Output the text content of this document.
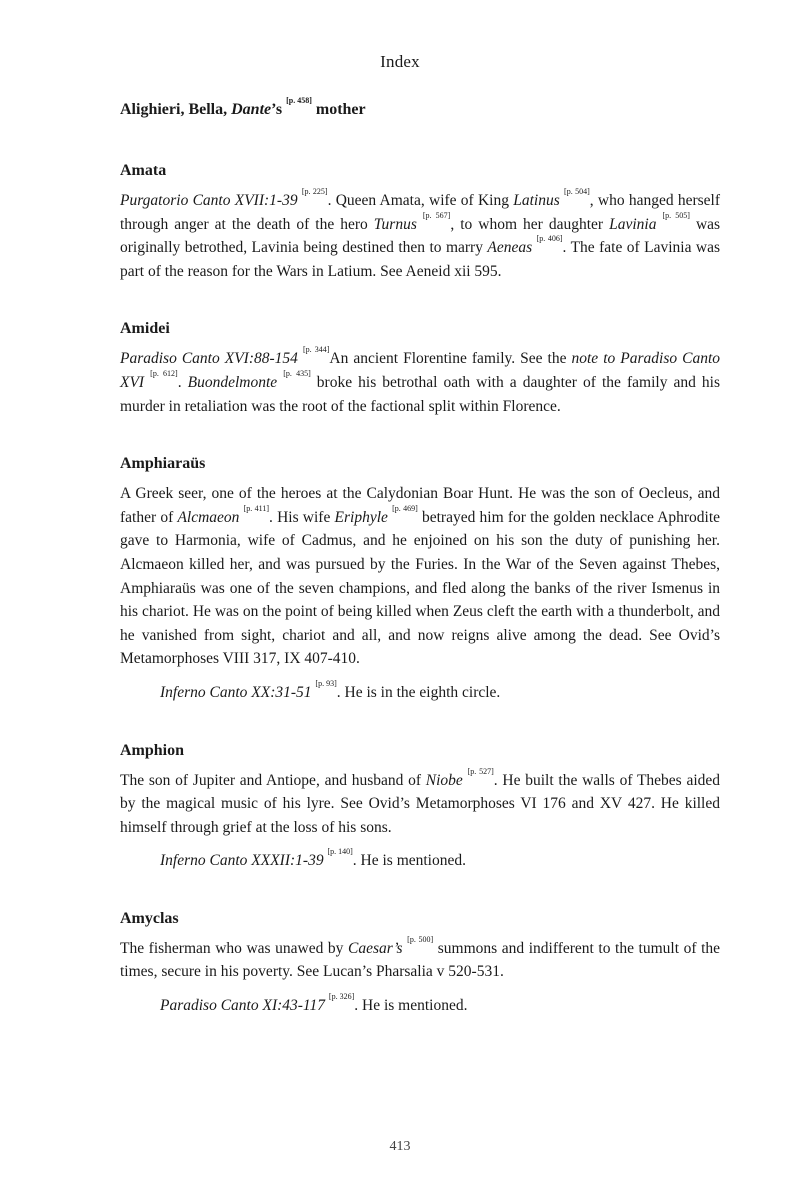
Index

Alighieri, Bella, Dante’s [p. 458] mother

Amata

Purgatorio Canto XVII:1-39 [p. 225]. Queen Amata, wife of King Latinus [p. 504], who hanged herself through anger at the death of the hero Turnus [p. 567], to whom her daughter Lavinia [p. 505] was originally betrothed, Lavinia being destined then to marry Aeneas [p. 406]. The fate of Lavinia was part of the reason for the Wars in Latium. See Aeneid xii 595.

Amidei

Paradiso Canto XVI:88-154 [p. 344]An ancient Florentine family. See the note to Paradiso Canto XVI [p. 612]. Buondelmonte [p. 435] broke his betrothal oath with a daughter of the family and his murder in retaliation was the root of the factional split within Florence.

Amphiaraüs

A Greek seer, one of the heroes at the Calydonian Boar Hunt. He was the son of Oecleus, and father of Alcmaeon [p. 411]. His wife Eriphyle [p. 469] betrayed him for the golden necklace Aphrodite gave to Harmonia, wife of Cadmus, and he enjoined on his son the duty of punishing her. Alcmaeon killed her, and was pursued by the Furies. In the War of the Seven against Thebes, Amphiaraüs was one of the seven champions, and fled along the banks of the river Ismenus in his chariot. He was on the point of being killed when Zeus cleft the earth with a thunderbolt, and he vanished from sight, chariot and all, and now reigns alive among the dead. See Ovid’s Metamorphoses VIII 317, IX 407-410.

Inferno Canto XX:31-51 [p. 93]. He is in the eighth circle.

Amphion

The son of Jupiter and Antiope, and husband of Niobe [p. 527]. He built the walls of Thebes aided by the magical music of his lyre. See Ovid’s Metamorphoses VI 176 and XV 427. He killed himself through grief at the loss of his sons.

Inferno Canto XXXII:1-39 [p. 140]. He is mentioned.

Amyclas

The fisherman who was unawed by Caesar’s [p. 500] summons and indifferent to the tumult of the times, secure in his poverty. See Lucan’s Pharsalia v 520-531.

Paradiso Canto XI:43-117 [p. 326]. He is mentioned.

413
